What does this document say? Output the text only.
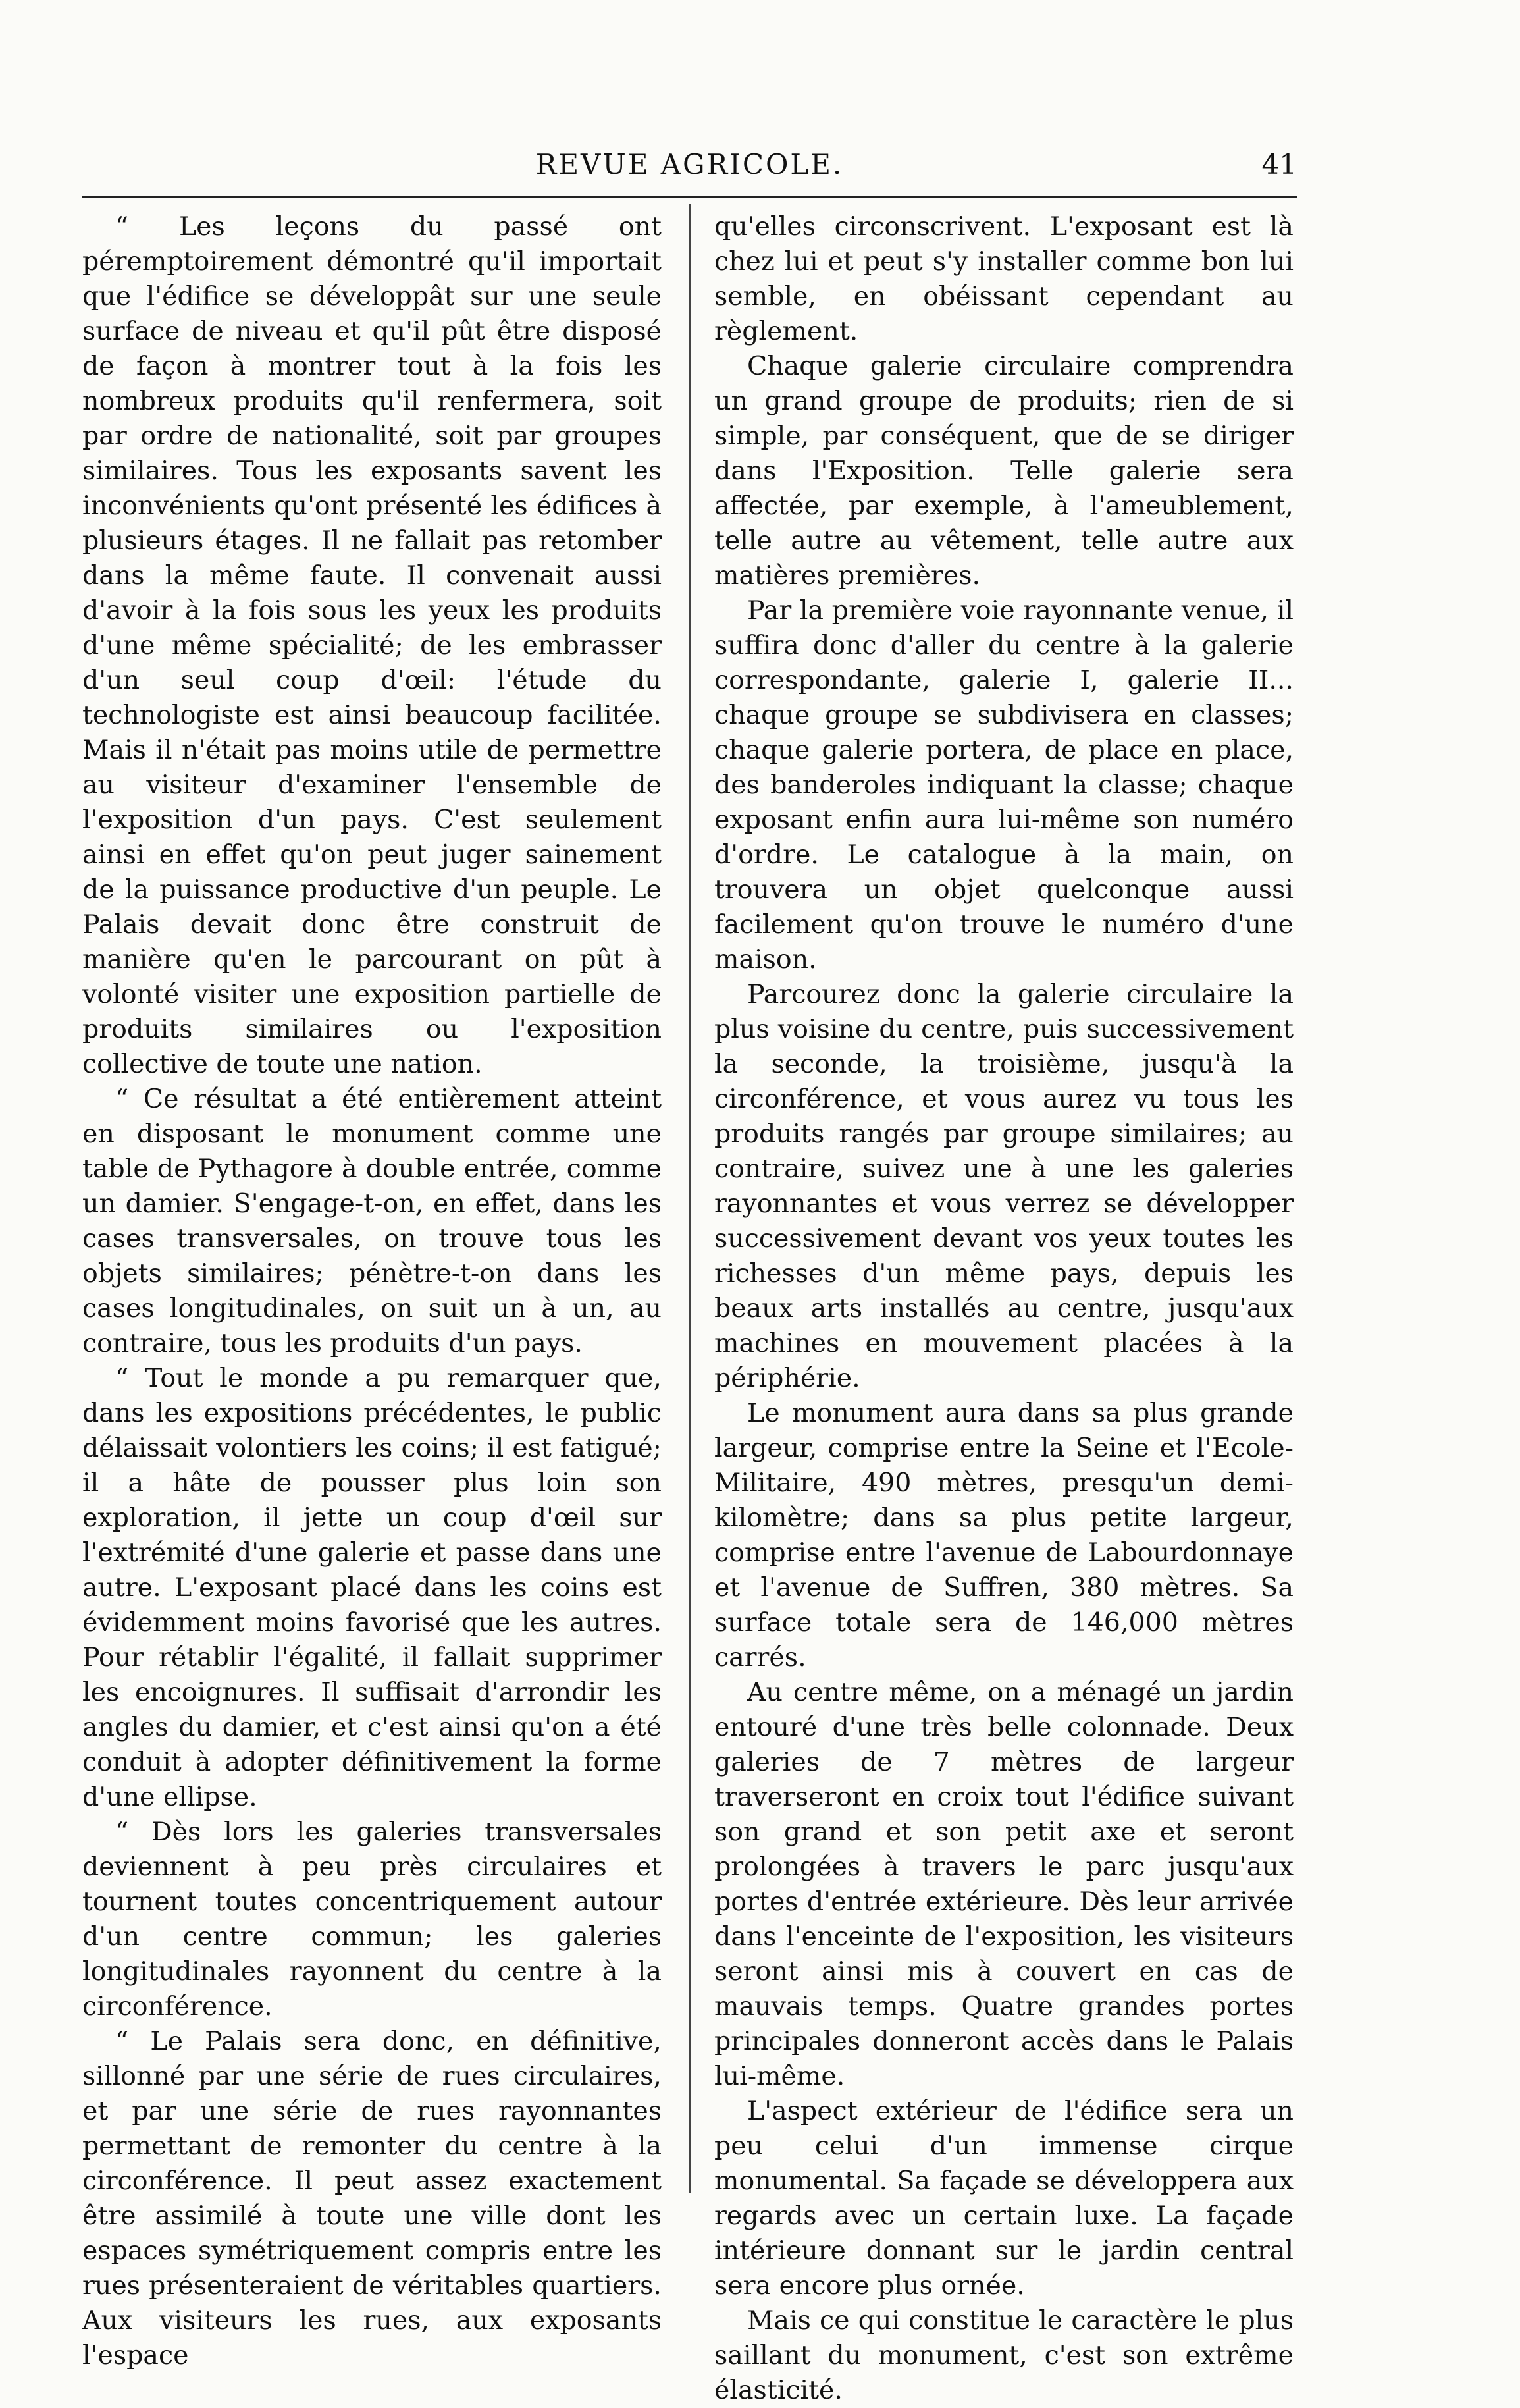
REVUE AGRICOLE.	41

“ Les leçons du passé ont péremptoirement démontré qu'il importait que l'édifice se développât sur une seule surface de niveau et qu'il pût être disposé de façon à montrer tout à la fois les nombreux produits qu'il renfermera, soit par ordre de nationalité, soit par groupes similaires. Tous les exposants savent les inconvénients qu'ont présenté les édifices à plusieurs étages. Il ne fallait pas retomber dans la même faute. Il convenait aussi d'avoir à la fois sous les yeux les produits d'une même spécialité; de les embrasser d'un seul coup d'œil: l'étude du technologiste est ainsi beaucoup facilitée. Mais il n'était pas moins utile de permettre au visiteur d'examiner l'ensemble de l'exposition d'un pays. C'est seulement ainsi en effet qu'on peut juger sainement de la puissance productive d'un peuple. Le Palais devait donc être construit de manière qu'en le parcourant on pût à volonté visiter une exposition partielle de produits similaires ou l'exposition collective de toute une nation.

“ Ce résultat a été entièrement atteint en disposant le monument comme une table de Pythagore à double entrée, comme un damier. S'engage-t-on, en effet, dans les cases transversales, on trouve tous les objets similaires; pénètre-t-on dans les cases longitudinales, on suit un à un, au contraire, tous les produits d'un pays.

“ Tout le monde a pu remarquer que, dans les expositions précédentes, le public délaissait volontiers les coins; il est fatigué; il a hâte de pousser plus loin son exploration, il jette un coup d'œil sur l'extrémité d'une galerie et passe dans une autre. L'exposant placé dans les coins est évidemment moins favorisé que les autres. Pour rétablir l'égalité, il fallait supprimer les encoignures. Il suffisait d'arrondir les angles du damier, et c'est ainsi qu'on a été conduit à adopter définitivement la forme d'une ellipse.

“ Dès lors les galeries transversales deviennent à peu près circulaires et tournent toutes concentriquement autour d'un centre commun; les galeries longitudinales rayonnent du centre à la circonférence.

“ Le Palais sera donc, en définitive, sillonné par une série de rues circulaires, et par une série de rues rayonnantes permettant de remonter du centre à la circonférence. Il peut assez exactement être assimilé à toute une ville dont les espaces symétriquement compris entre les rues présenteraient de véritables quartiers. Aux visiteurs les rues, aux exposants l'espace

qu'elles circonscrivent. L'exposant est là chez lui et peut s'y installer comme bon lui semble, en obéissant cependant au règlement.

Chaque galerie circulaire comprendra un grand groupe de produits; rien de si simple, par conséquent, que de se diriger dans l'Exposition. Telle galerie sera affectée, par exemple, à l'ameublement, telle autre au vêtement, telle autre aux matières premières.

Par la première voie rayonnante venue, il suffira donc d'aller du centre à la galerie correspondante, galerie I, galerie II... chaque groupe se subdivisera en classes; chaque galerie portera, de place en place, des banderoles indiquant la classe; chaque exposant enfin aura lui-même son numéro d'ordre. Le catalogue à la main, on trouvera un objet quelconque aussi facilement qu'on trouve le numéro d'une maison.

Parcourez donc la galerie circulaire la plus voisine du centre, puis successivement la seconde, la troisième, jusqu'à la circonférence, et vous aurez vu tous les produits rangés par groupe similaires; au contraire, suivez une à une les galeries rayonnantes et vous verrez se développer successivement devant vos yeux toutes les richesses d'un même pays, depuis les beaux arts installés au centre, jusqu'aux machines en mouvement placées à la périphérie.

Le monument aura dans sa plus grande largeur, comprise entre la Seine et l'Ecole-Militaire, 490 mètres, presqu'un demi-kilomètre; dans sa plus petite largeur, comprise entre l'avenue de Labourdonnaye et l'avenue de Suffren, 380 mètres. Sa surface totale sera de 146,000 mètres carrés.

Au centre même, on a ménagé un jardin entouré d'une très belle colonnade. Deux galeries de 7 mètres de largeur traverseront en croix tout l'édifice suivant son grand et son petit axe et seront prolongées à travers le parc jusqu'aux portes d'entrée extérieure. Dès leur arrivée dans l'enceinte de l'exposition, les visiteurs seront ainsi mis à couvert en cas de mauvais temps. Quatre grandes portes principales donneront accès dans le Palais lui-même.

L'aspect extérieur de l'édifice sera un peu celui d'un immense cirque monumental. Sa façade se développera aux regards avec un certain luxe. La façade intérieure donnant sur le jardin central sera encore plus ornée.

Mais ce qui constitue le caractère le plus saillant du monument, c'est son extrême élasticité.
